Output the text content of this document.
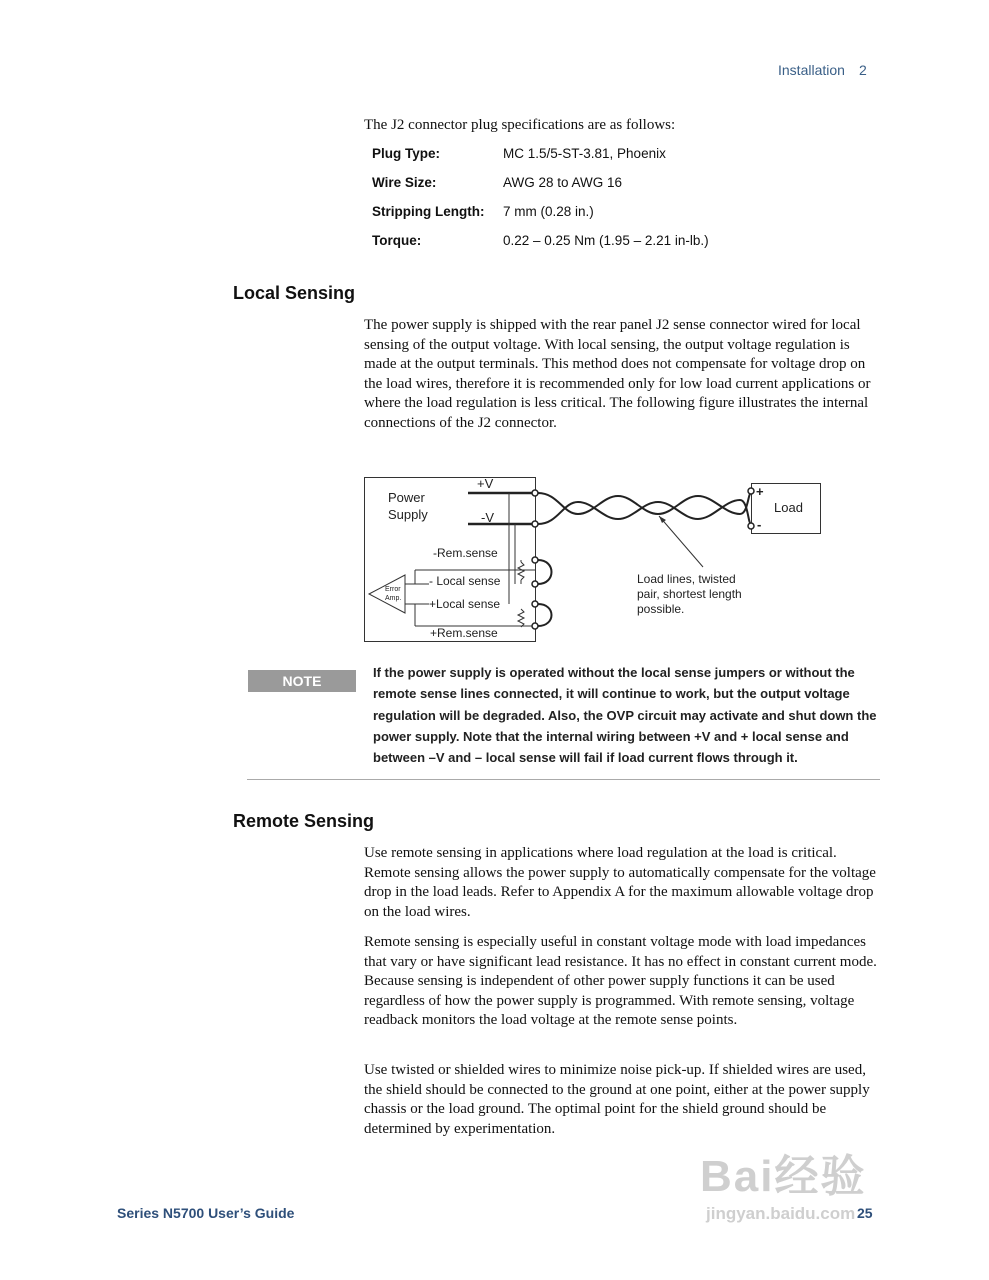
Installation 2
The J2 connector plug specifications are as follows:
Plug Type:	MC 1.5/5-ST-3.81, Phoenix
Wire Size:	AWG 28 to AWG 16
Stripping Length: 7 mm (0.28 in.)
Torque:	0.22 – 0.25 Nm (1.95 – 2.21 in-lb.)
Local Sensing

The power supply is shipped with the rear panel J2 sense connector wired for local sensing of the output voltage. With local sensing, the output voltage regulation is made at the output terminals. This method does not compensate for voltage drop on the load wires, therefore it is recommended only for low load current applications or where the load regulation is less critical. The following figure illustrates the internal connections of the J2 connector.

Power
Supply
+V
-V
-Rem.sense
- Local sense
+Local sense
+Rem.sense
Error
Amp.
+
-
Load
Load lines, twisted
pair, shortest length
possible.
NOTE
If the power supply is operated without the local sense jumpers or without the remote sense lines connected, it will continue to work, but the output voltage regulation will be degraded. Also, the OVP circuit may activate and shut down the power supply. Note that the internal wiring between +V and + local sense and between –V and – local sense will fail if load current flows through it.
Remote Sensing

Use remote sensing in applications where load regulation at the load is critical. Remote sensing allows the power supply to automatically compensate for the voltage drop in the load leads. Refer to Appendix A for the maximum allowable voltage drop on the load wires.

Remote sensing is especially useful in constant voltage mode with load impedances that vary or have significant lead resistance. It has no effect in constant current mode. Because sensing is independent of other power supply functions it can be used regardless of how the power supply is programmed. With remote sensing, voltage readback monitors the load voltage at the remote sense points.

Use twisted or shielded wires to minimize noise pick-up. If shielded wires are used, the shield should be connected to the ground at one point, either at the power supply chassis or the load ground. The optimal point for the shield ground should be determined by experimentation.

Series N5700 User’s Guide	25
Bai经验
jingyan.baidu.com
